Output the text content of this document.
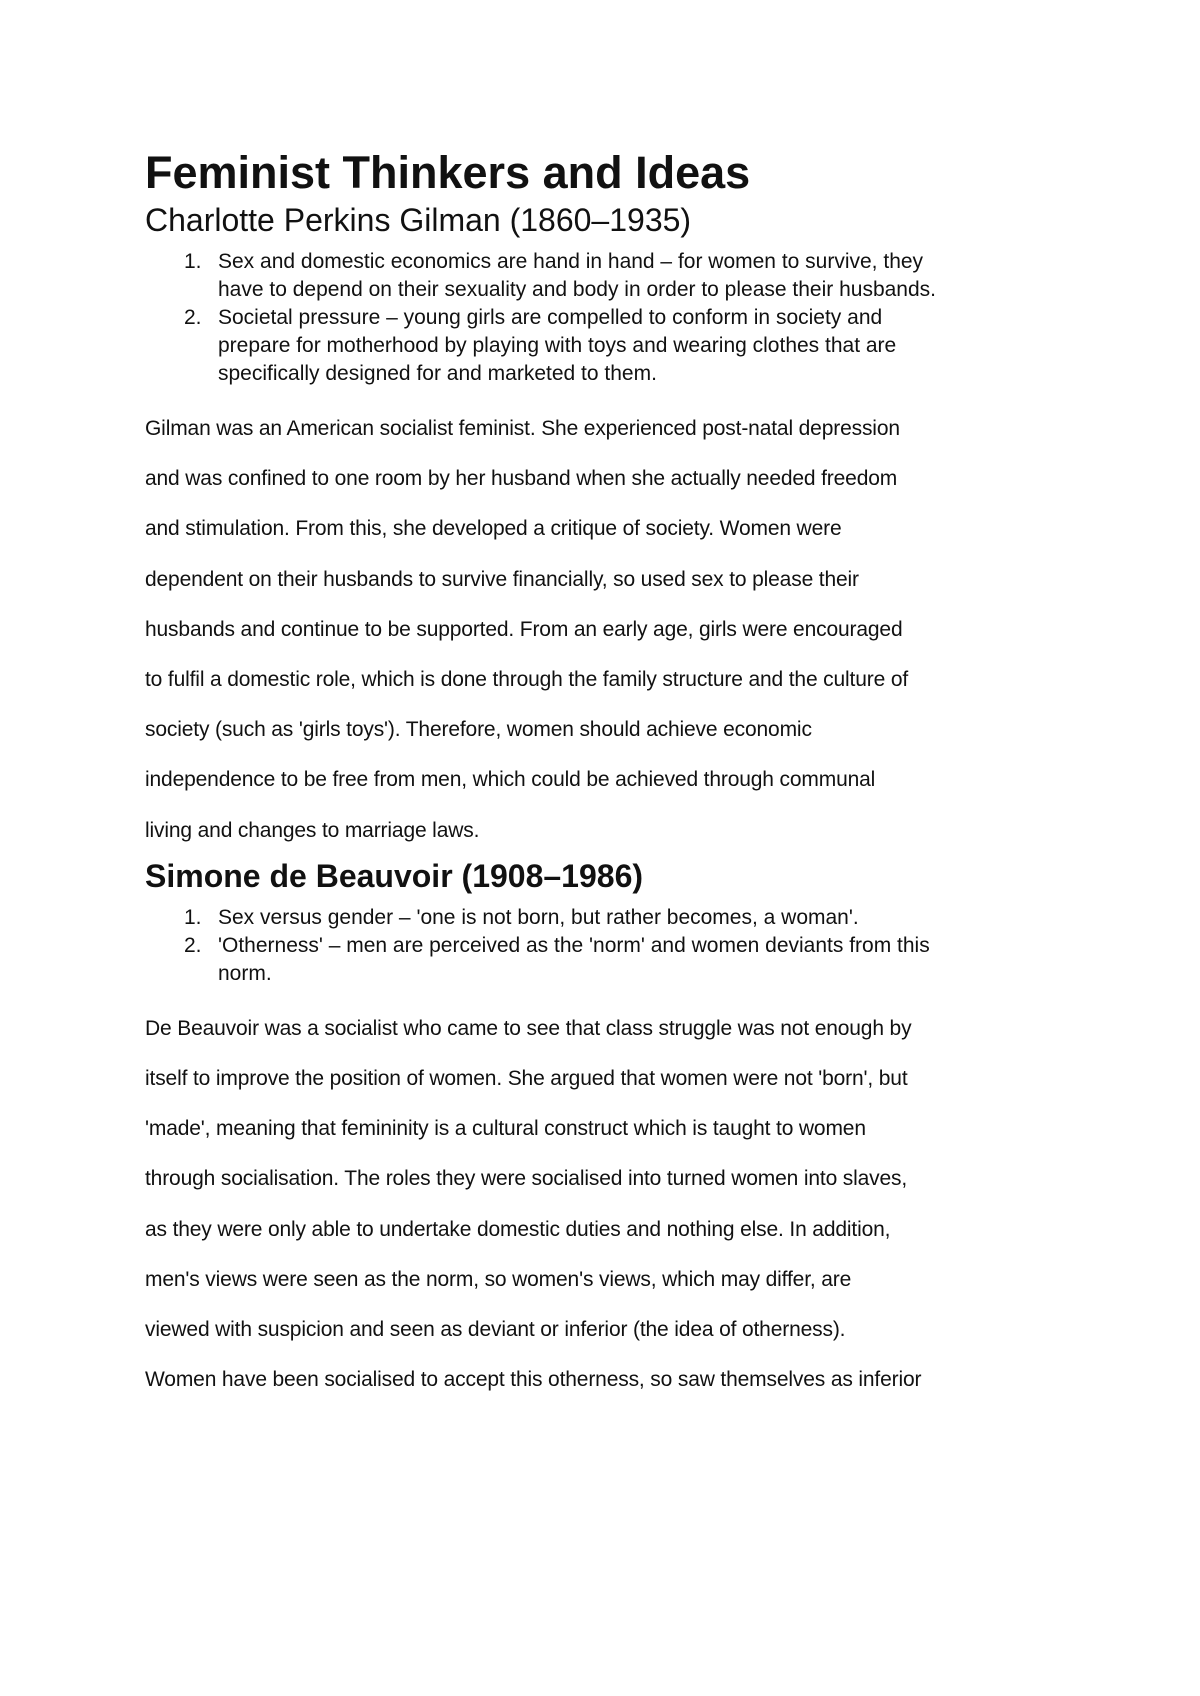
Feminist Thinkers and Ideas
Charlotte Perkins Gilman (1860–1935)
1. Sex and domestic economics are hand in hand – for women to survive, they
have to depend on their sexuality and body in order to please their husbands.
2. Societal pressure – young girls are compelled to conform in society and
prepare for motherhood by playing with toys and wearing clothes that are
specifically designed for and marketed to them.

Gilman was an American socialist feminist. She experienced post-natal depression
and was confined to one room by her husband when she actually needed freedom
and stimulation. From this, she developed a critique of society. Women were
dependent on their husbands to survive financially, so used sex to please their
husbands and continue to be supported. From an early age, girls were encouraged
to fulfil a domestic role, which is done through the family structure and the culture of
society (such as 'girls toys'). Therefore, women should achieve economic
independence to be free from men, which could be achieved through communal
living and changes to marriage laws.

Simone de Beauvoir (1908–1986)
1. Sex versus gender – 'one is not born, but rather becomes, a woman'.
2. 'Otherness' – men are perceived as the 'norm' and women deviants from this
norm.

De Beauvoir was a socialist who came to see that class struggle was not enough by
itself to improve the position of women. She argued that women were not 'born', but
'made', meaning that femininity is a cultural construct which is taught to women
through socialisation. The roles they were socialised into turned women into slaves,
as they were only able to undertake domestic duties and nothing else. In addition,
men's views were seen as the norm, so women's views, which may differ, are
viewed with suspicion and seen as deviant or inferior (the idea of otherness).
Women have been socialised to accept this otherness, so saw themselves as inferior
